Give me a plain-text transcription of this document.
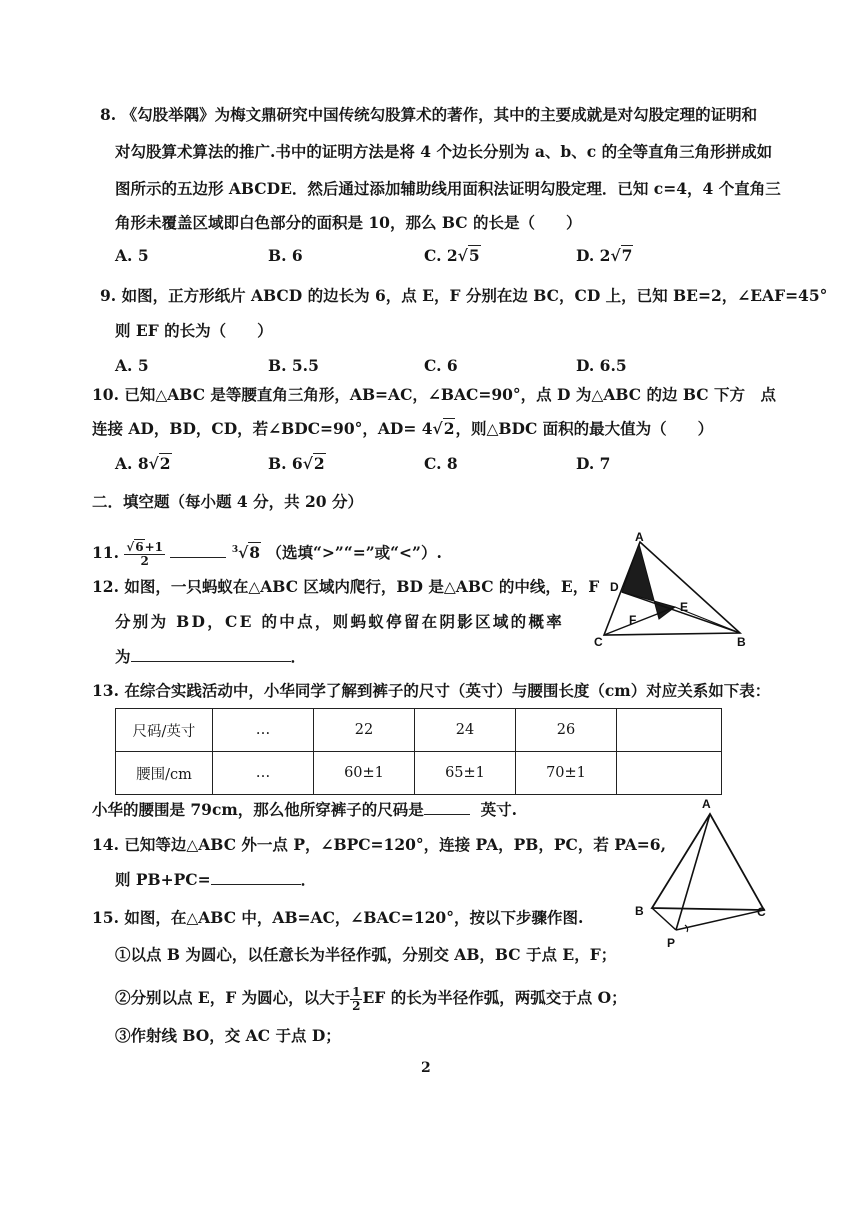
8. 《勾股举隅》为梅文鼎研究中国传统勾股算术的著作，其中的主要成就是对勾股定理的证明和
对勾股算术算法的推广.书中的证明方法是将 4 个边长分别为 a、b、c 的全等直角三角形拼成如
图所示的五边形 ABCDE．然后通过添加辅助线用面积法证明勾股定理．已知 c=4，4 个直角三
角形未覆盖区域即白色部分的面积是 10，那么 BC 的长是（　　）
A. 5	B. 6	C. 2√5	D. 2√7
9. 如图，正方形纸片 ABCD 的边长为 6，点 E，F 分别在边 BC，CD 上，已知 BE=2，∠EAF=45°
则 EF 的长为（　　）
A. 5	B. 5.5	C. 6	D. 6.5
10. 已知△ABC 是等腰直角三角形，AB=AC，∠BAC=90°，点 D 为△ABC 的边 BC 下方　点
连接 AD，BD，CD，若∠BDC=90°，AD= 4√2，则△BDC 面积的最大值为（　　）
A. 8√2	B. 6√2	C. 8	D. 7
二．填空题（每小题 4 分，共 20 分）
11. $\frac{√6+1}{2}$	$^3$√8 （选填“>”“=”或“<”）.
A
D
E
F
C	B
12. 如图，一只蚂蚁在△ABC 区域内爬行，BD 是△ABC 的中线，E，F
分别为 BD，CE 的中点，则蚂蚁停留在阴影区域的概率
为	．
13. 在综合实践活动中，小华同学了解到裤子的尺寸（英寸）与腰围长度（cm）对应关系如下表：
尺码/英寸	…	22	24	26	
腰围/cm	…	60±1	65±1	70±1	
小华的腰围是 79cm，那么他所穿裤子的尺码是	英寸.	A
B	C
P
14. 已知等边△ABC 外一点 P，∠BPC=120°，连接 PA，PB，PC，若 PA=6,
则 PB+PC=	．
15. 如图，在△ABC 中，AB=AC，∠BAC=120°，按以下步骤作图.
①以点 B 为圆心，以任意长为半径作弧，分别交 AB，BC 于点 E，F；
②分别以点 E，F 为圆心，以大于 $\frac{1}{2}$ EF 的长为半径作弧，两弧交于点 O；
③作射线 BO，交 AC 于点 D；
2
